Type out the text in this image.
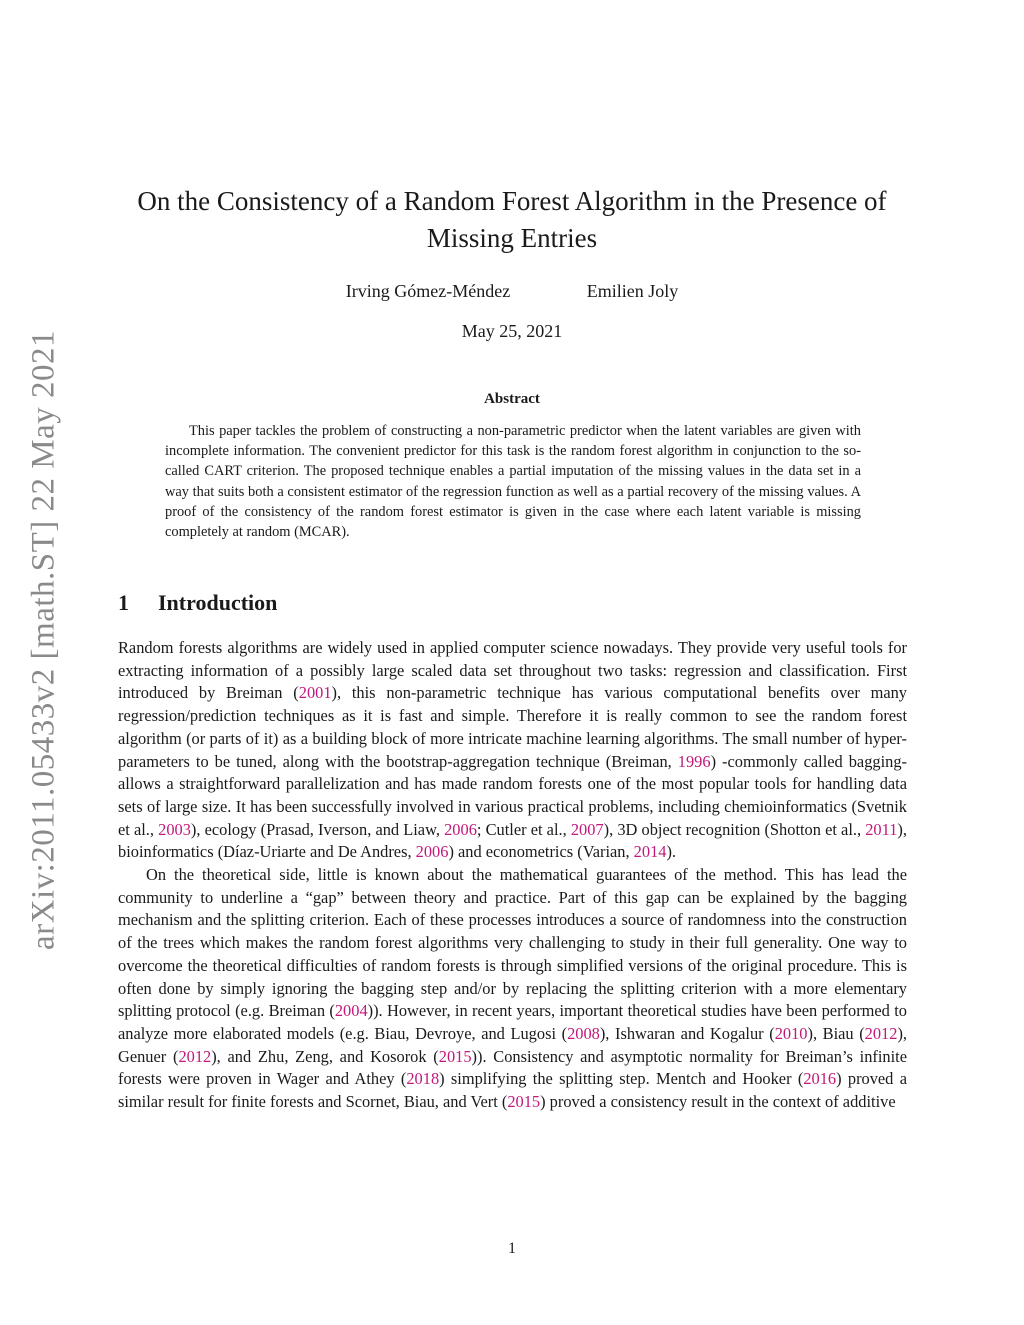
arXiv:2011.05433v2 [math.ST] 22 May 2021
On the Consistency of a Random Forest Algorithm in the Presence of Missing Entries
Irving Gómez-Méndez	Emilien Joly
May 25, 2021
Abstract
This paper tackles the problem of constructing a non-parametric predictor when the latent variables are given with incomplete information. The convenient predictor for this task is the random forest algorithm in conjunction to the so-called CART criterion. The proposed technique enables a partial imputation of the missing values in the data set in a way that suits both a consistent estimator of the regression function as well as a partial recovery of the missing values. A proof of the consistency of the random forest estimator is given in the case where each latent variable is missing completely at random (MCAR).
1 Introduction

Random forests algorithms are widely used in applied computer science nowadays. They provide very useful tools for extracting information of a possibly large scaled data set throughout two tasks: regression and classification. First introduced by Breiman (2001), this non-parametric technique has various computational benefits over many regression/prediction techniques as it is fast and simple. Therefore it is really common to see the random forest algorithm (or parts of it) as a building block of more intricate machine learning algorithms. The small number of hyper-parameters to be tuned, along with the bootstrap-aggregation technique (Breiman, 1996) -commonly called bagging- allows a straightforward parallelization and has made random forests one of the most popular tools for handling data sets of large size. It has been successfully involved in various practical problems, including chemioinformatics (Svetnik et al., 2003), ecology (Prasad, Iverson, and Liaw, 2006; Cutler et al., 2007), 3D object recognition (Shotton et al., 2011), bioinformatics (Díaz-Uriarte and De Andres, 2006) and econometrics (Varian, 2014).

On the theoretical side, little is known about the mathematical guarantees of the method. This has lead the community to underline a “gap” between theory and practice. Part of this gap can be explained by the bagging mechanism and the splitting criterion. Each of these processes introduces a source of randomness into the construction of the trees which makes the random forest algorithms very challenging to study in their full generality. One way to overcome the theoretical difficulties of random forests is through simplified versions of the original procedure. This is often done by simply ignoring the bagging step and/or by replacing the splitting criterion with a more elementary splitting protocol (e.g. Breiman (2004)). However, in recent years, important theoretical studies have been performed to analyze more elaborated models (e.g. Biau, Devroye, and Lugosi (2008), Ishwaran and Kogalur (2010), Biau (2012), Genuer (2012), and Zhu, Zeng, and Kosorok (2015)). Consistency and asymptotic normality for Breiman’s infinite forests were proven in Wager and Athey (2018) simplifying the splitting step. Mentch and Hooker (2016) proved a similar result for finite forests and Scornet, Biau, and Vert (2015) proved a consistency result in the context of additive

1
